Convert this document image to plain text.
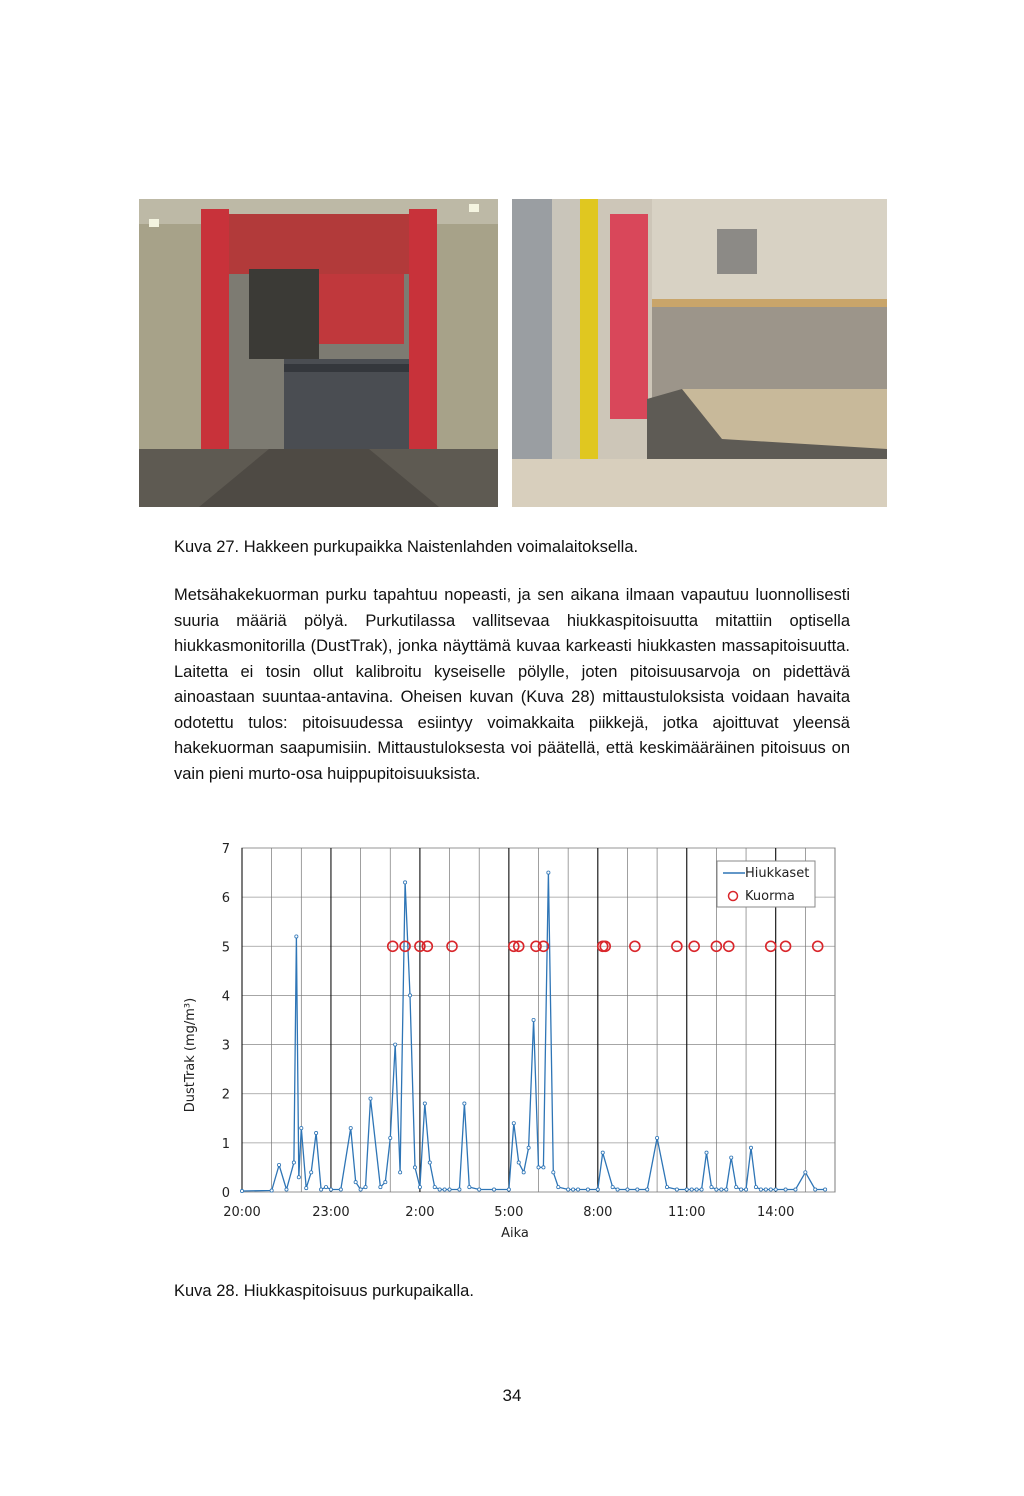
Kuva 27. Hakkeen purkupaikka Naistenlahden voimalaitoksella.
Metsähakekuorman purku tapahtuu nopeasti, ja sen aikana ilmaan vapautuu luonnollisesti suuria määriä pölyä. Purkutilassa vallitsevaa hiukkaspitoisuutta mitattiin optisella hiukkasmonitorilla (DustTrak), jonka näyttämä kuvaa karkeasti hiukkasten massapitoisuutta. Laitetta ei tosin ollut kalibroitu kyseiselle pölylle, joten pitoisuusarvoja on pidettävä ainoastaan suuntaa-antavina. Oheisen kuvan (Kuva 28) mittaustuloksista voidaan havaita odotettu tulos: pitoisuudessa esiintyy voimakkaita piikkejä, jotka ajoittuvat yleensä hakekuorman saapumisiin. Mittaustuloksesta voi päätellä, että keskimääräinen pitoisuus on vain pieni murto-osa huippupitoisuuksista.
0
1
2
3
4
5
6
7
20:00	23:00	2:00	5:00	8:00	11:00	14:00
Aika
DustTrak (mg/m³)
Hiukkaset
Kuorma
Kuva 28. Hiukkaspitoisuus purkupaikalla.
34
